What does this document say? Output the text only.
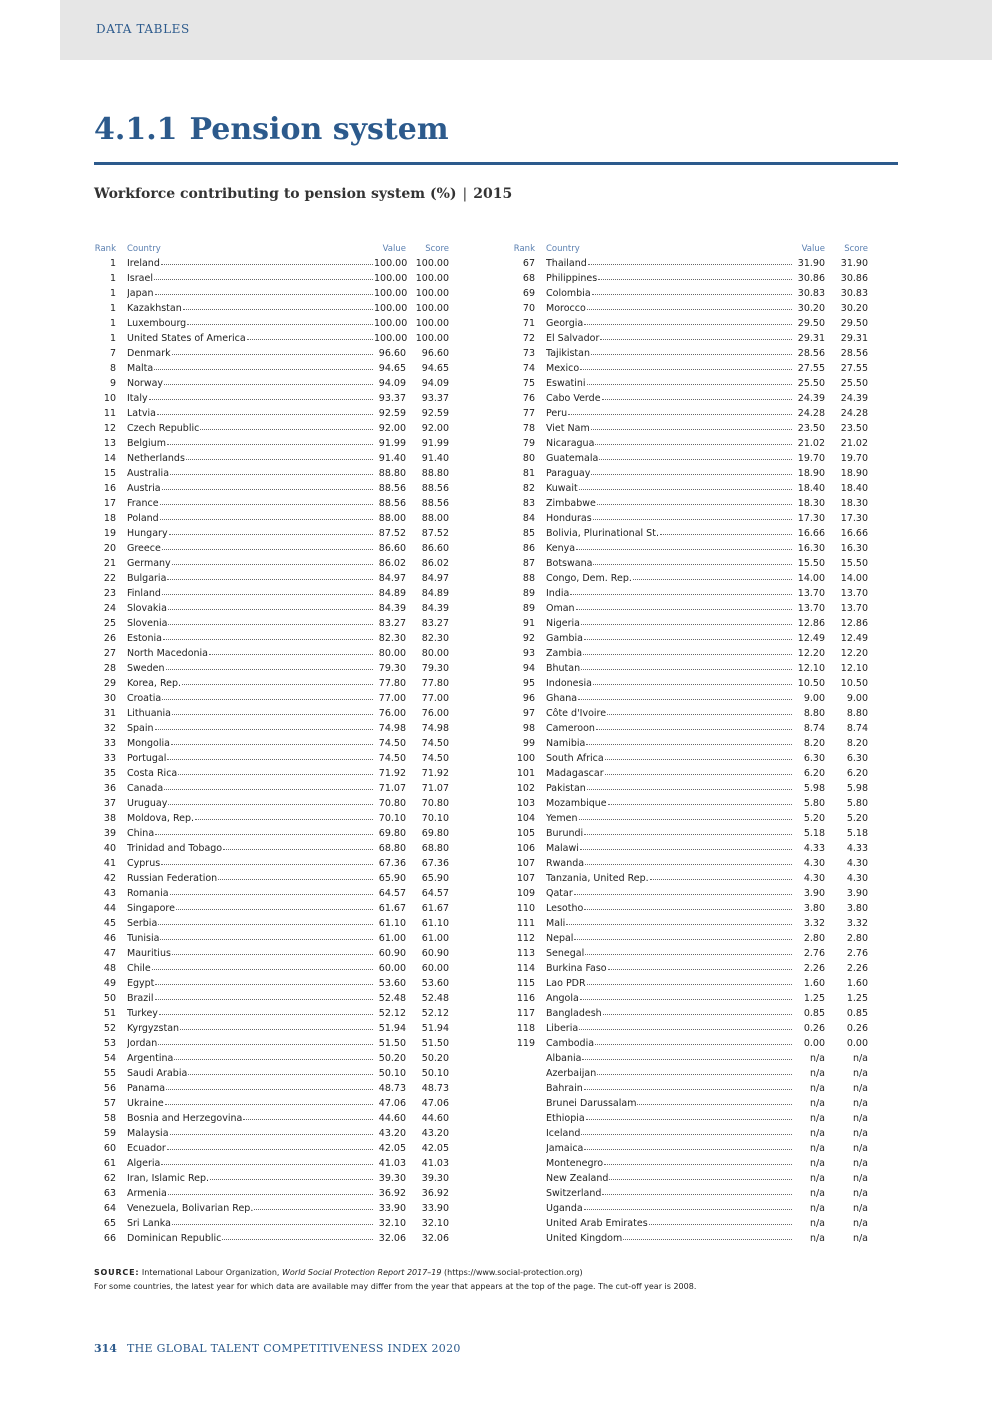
DATA TABLES
4.1.1 Pension system
Workforce contributing to pension system (%) | 2015
Rank Country	Value	Score
1 Ireland	100.00 100.00
1 Israel	100.00 100.00
1 Japan	100.00 100.00
1 Kazakhstan	100.00 100.00
1 Luxembourg	100.00 100.00
1 United States of America	100.00 100.00
7 Denmark	96.60	96.60
8 Malta	94.65	94.65
9 Norway	94.09	94.09
10 Italy	93.37	93.37
11 Latvia	92.59	92.59
12 Czech Republic	92.00	92.00
13 Belgium	91.99	91.99
14 Netherlands	91.40	91.40
15 Australia	88.80	88.80
16 Austria	88.56	88.56
17 France	88.56	88.56
18 Poland	88.00	88.00
19 Hungary	87.52	87.52
20 Greece	86.60	86.60
21 Germany	86.02	86.02
22 Bulgaria	84.97	84.97
23 Finland	84.89	84.89
24 Slovakia	84.39	84.39
25 Slovenia	83.27	83.27
26 Estonia	82.30	82.30
27 North Macedonia	80.00	80.00
28 Sweden	79.30	79.30
29 Korea, Rep.	77.80	77.80
30 Croatia	77.00	77.00
31 Lithuania	76.00	76.00
32 Spain	74.98	74.98
33 Mongolia	74.50	74.50
33 Portugal	74.50	74.50
35 Costa Rica	71.92	71.92
36 Canada	71.07	71.07
37 Uruguay	70.80	70.80
38 Moldova, Rep.	70.10	70.10
39 China	69.80	69.80
40 Trinidad and Tobago	68.80	68.80
41 Cyprus	67.36	67.36
42 Russian Federation	65.90	65.90
43 Romania	64.57	64.57
44 Singapore	61.67	61.67
45 Serbia	61.10	61.10
46 Tunisia	61.00	61.00
47 Mauritius	60.90	60.90
48 Chile	60.00	60.00
49 Egypt	53.60	53.60
50 Brazil	52.48	52.48
51 Turkey	52.12	52.12
52 Kyrgyzstan	51.94	51.94
53 Jordan	51.50	51.50
54 Argentina	50.20	50.20
55 Saudi Arabia	50.10	50.10
56 Panama	48.73	48.73
57 Ukraine	47.06	47.06
58 Bosnia and Herzegovina	44.60	44.60
59 Malaysia	43.20	43.20
60 Ecuador	42.05	42.05
61 Algeria	41.03	41.03
62 Iran, Islamic Rep.	39.30	39.30
63 Armenia	36.92	36.92
64 Venezuela, Bolivarian Rep.	33.90	33.90
65 Sri Lanka	32.10	32.10
66 Dominican Republic	32.06	32.06
Rank Country	Value	Score
67 Thailand	31.90	31.90
68 Philippines	30.86	30.86
69 Colombia	30.83	30.83
70 Morocco	30.20	30.20
71 Georgia	29.50	29.50
72 El Salvador	29.31	29.31
73 Tajikistan	28.56	28.56
74 Mexico	27.55	27.55
75 Eswatini	25.50	25.50
76 Cabo Verde	24.39	24.39
77 Peru	24.28	24.28
78 Viet Nam	23.50	23.50
79 Nicaragua	21.02	21.02
80 Guatemala	19.70	19.70
81 Paraguay	18.90	18.90
82 Kuwait	18.40	18.40
83 Zimbabwe	18.30	18.30
84 Honduras	17.30	17.30
85 Bolivia, Plurinational St.	16.66	16.66
86 Kenya	16.30	16.30
87 Botswana	15.50	15.50
88 Congo, Dem. Rep.	14.00	14.00
89 India	13.70	13.70
89 Oman	13.70	13.70
91 Nigeria	12.86	12.86
92 Gambia	12.49	12.49
93 Zambia	12.20	12.20
94 Bhutan	12.10	12.10
95 Indonesia	10.50	10.50
96 Ghana	9.00	9.00
97 Côte d'Ivoire	8.80	8.80
98 Cameroon	8.74	8.74
99 Namibia	8.20	8.20
100 South Africa	6.30	6.30
101 Madagascar	6.20	6.20
102 Pakistan	5.98	5.98
103 Mozambique	5.80	5.80
104 Yemen	5.20	5.20
105 Burundi	5.18	5.18
106 Malawi	4.33	4.33
107 Rwanda	4.30	4.30
107 Tanzania, United Rep.	4.30	4.30
109 Qatar	3.90	3.90
110 Lesotho	3.80	3.80
111 Mali	3.32	3.32
112 Nepal	2.80	2.80
113 Senegal	2.76	2.76
114 Burkina Faso	2.26	2.26
115 Lao PDR	1.60	1.60
116 Angola	1.25	1.25
117 Bangladesh	0.85	0.85
118 Liberia	0.26	0.26
119 Cambodia	0.00	0.00
Albania	n/a	n/a
Azerbaijan	n/a	n/a
Bahrain	n/a	n/a
Brunei Darussalam	n/a	n/a
Ethiopia	n/a	n/a
Iceland	n/a	n/a
Jamaica	n/a	n/a
Montenegro	n/a	n/a
New Zealand	n/a	n/a
Switzerland	n/a	n/a
Uganda	n/a	n/a
United Arab Emirates	n/a	n/a
United Kingdom	n/a	n/a
SOURCE: International Labour Organization, World Social Protection Report 2017–19 (https://www.social-protection.org)
For some countries, the latest year for which data are available may differ from the year that appears at the top of the page. The cut-off year is 2008.
314 THE GLOBAL TALENT COMPETITIVENESS INDEX 2020
